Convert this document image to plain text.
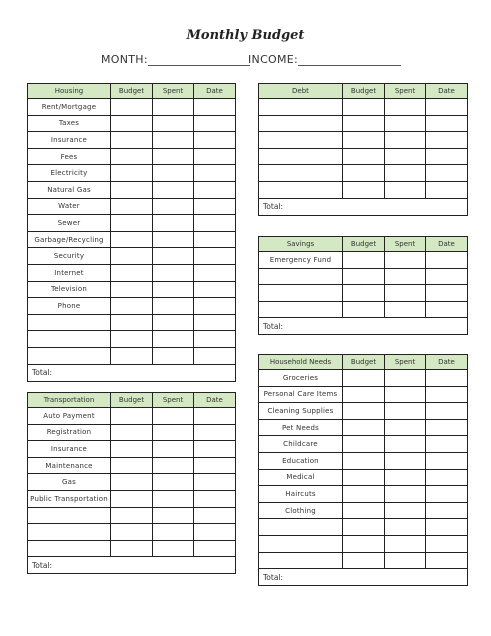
Monthly Budget
MONTH:	INCOME:
Housing	Budget	Spent	Date
Rent/Mortgage			
Taxes			
Insurance			
Fees			
Electricity			
Natural Gas			
Water			
Sewer			
Garbage/Recycling			
Security			
Internet			
Television			
Phone			

Total:			
Transportation	Budget	Spent	Date
Auto Payment			
Registration			
Insurance			
Maintenance			
Gas			
Public Transportation			

Total:			
Debt	Budget	Spent	Date

Total:			
Savings	Budget	Spent	Date
Emergency Fund			

Total:			
Household Needs	Budget	Spent	Date
Groceries			
Personal Care Items			
Cleaning Supplies			
Pet Needs			
Childcare			
Education			
Medical			
Haircuts			
Clothing			

Total:			
